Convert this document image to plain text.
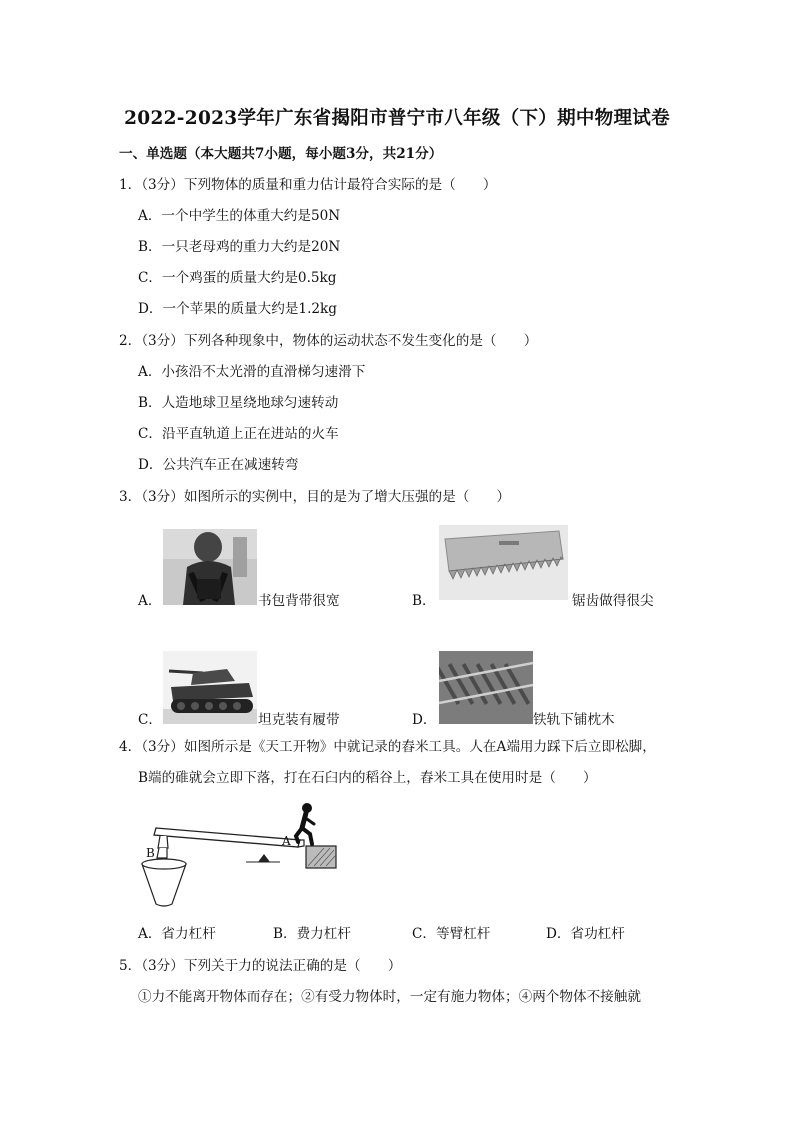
2022-2023学年广东省揭阳市普宁市八年级（下）期中物理试卷
一、单选题（本大题共7小题，每小题3分，共21分）
1．（3分）下列物体的质量和重力估计最符合实际的是（　　）
A．一个中学生的体重大约是50N
B．一只老母鸡的重力大约是20N
C．一个鸡蛋的质量大约是0.5kg
D．一个苹果的质量大约是1.2kg
2．（3分）下列各种现象中，物体的运动状态不发生变化的是（　　）
A．小孩沿不太光滑的直滑梯匀速滑下
B．人造地球卫星绕地球匀速转动
C．沿平直轨道上正在进站的火车
D．公共汽车正在减速转弯
3．（3分）如图所示的实例中，目的是为了增大压强的是（　　）
A．	书包背带很宽	B．	锯齿做得很尖
C．	坦克装有履带	D．	铁轨下铺枕木
4．（3分）如图所示是《天工开物》中就记录的舂米工具。人在A端用力踩下后立即松脚，
B端的碓就会立即下落，打在石臼内的稻谷上，舂米工具在使用时是（　　）
A
B
A．省力杠杆	B．费力杠杆	C．等臂杠杆	D．省功杠杆
5．（3分）下列关于力的说法正确的是（　　）
①力不能离开物体而存在；②有受力物体时，一定有施力物体；④两个物体不接触就
